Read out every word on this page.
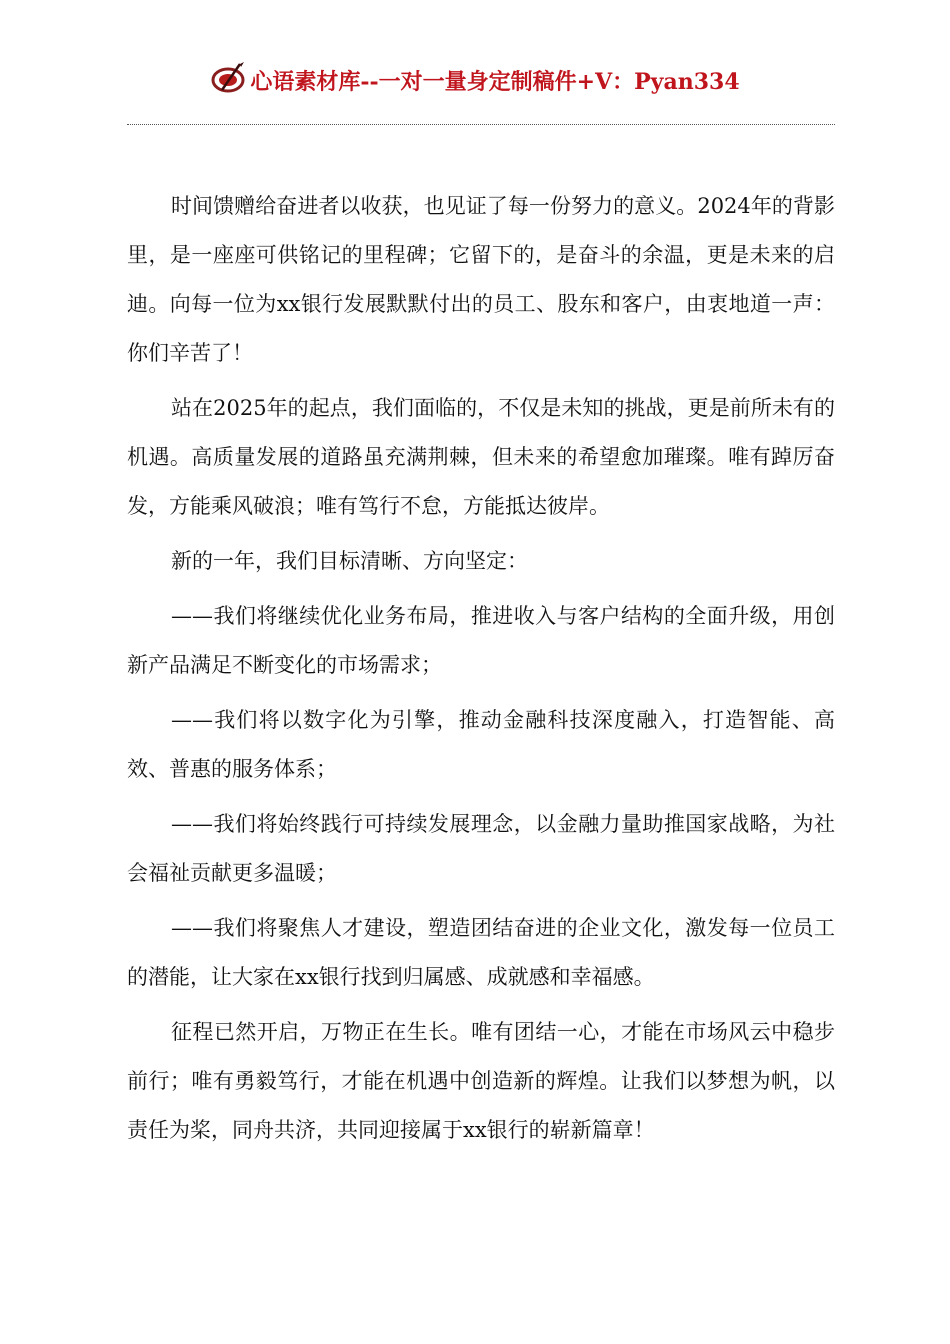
心语素材库--一对一量身定制稿件+V：Pyan334

时间馈赠给奋进者以收获，也见证了每一份努力的意义。2024年的背影里，是一座座可供铭记的里程碑；它留下的，是奋斗的余温，更是未来的启迪。向每一位为xx银行发展默默付出的员工、股东和客户，由衷地道一声：你们辛苦了！

站在2025年的起点，我们面临的，不仅是未知的挑战，更是前所未有的机遇。高质量发展的道路虽充满荆棘，但未来的希望愈加璀璨。唯有踔厉奋发，方能乘风破浪；唯有笃行不怠，方能抵达彼岸。

新的一年，我们目标清晰、方向坚定：

——我们将继续优化业务布局，推进收入与客户结构的全面升级，用创新产品满足不断变化的市场需求；

——我们将以数字化为引擎，推动金融科技深度融入，打造智能、高效、普惠的服务体系；

——我们将始终践行可持续发展理念，以金融力量助推国家战略，为社会福祉贡献更多温暖；

——我们将聚焦人才建设，塑造团结奋进的企业文化，激发每一位员工的潜能，让大家在xx银行找到归属感、成就感和幸福感。

征程已然开启，万物正在生长。唯有团结一心，才能在市场风云中稳步前行；唯有勇毅笃行，才能在机遇中创造新的辉煌。让我们以梦想为帆，以责任为桨，同舟共济，共同迎接属于xx银行的崭新篇章！
